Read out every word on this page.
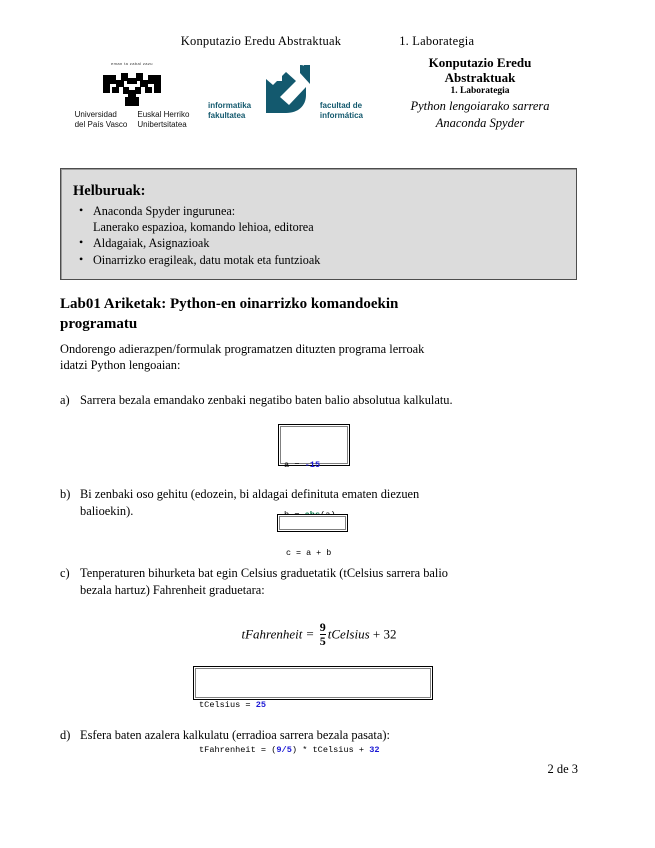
Konputazio Eredu Abstraktuak	1. Laborategia
eman ta zabal zazu
Universidad
del País Vasco
Euskal Herriko
Unibertsitatea
informatika
fakultatea
facultad de
informática
Konputazio Eredu
Abstraktuak
1. Laborategia
Python lengoiarako sarrera
Anaconda Spyder
Helburuak:
• Anaconda Spyder ingurunea:
Lanerako espazioa, komando lehioa, editorea
• Aldagaiak, Asignazioak
• Oinarrizko eragileak, datu motak eta funtzioak
Lab01 Ariketak: Python-en oinarrizko komandoekin
programatu
Ondorengo adierazpen/formulak programatzen dituzten programa lerroak
idatzi Python lengoaian:
a) Sarrera bezala emandako zenbaki negatibo baten balio absolutua kalkulatu.

a = -15

b) Bi zenbaki oso gehitu (edozein, bi aldagai definituta ematen diezuen
balioekin).

c = a + b

c) Tenperaturen bihurketa bat egin Celsius graduetatik (tCelsius sarrera balio
bezala hartuz) Fahrenheit graduetara:
tFahrenheit = $\frac{9}{5}$ tCelsius + 32

tCelsius = 25

tFahrenheit = (9/5) * tCelsius + 32

d) Esfera baten azalera kalkulatu (erradioa sarrera bezala pasata):
2 de 3
